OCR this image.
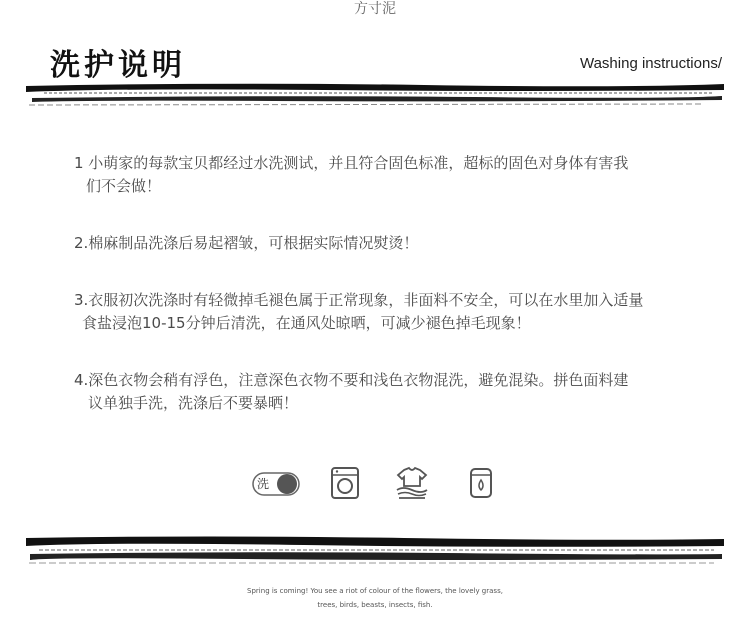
方寸泥
洗护说明	Washing instructions/

1 小萌家的每款宝贝都经过水洗测试，并且符合固色标准，超标的固色对身体有害我

们不会做！

2.棉麻制品洗涤后易起褶皱，可根据实际情况熨烫！

3.衣服初次洗涤时有轻微掉毛褪色属于正常现象，非面料不安全，可以在水里加入适量

食盐浸泡10-15分钟后清洗，在通风处晾晒，可减少褪色掉毛现象！

4.深色衣物会稍有浮色，注意深色衣物不要和浅色衣物混洗，避免混染。拼色面料建

议单独手洗，洗涤后不要暴晒！

洗
Spring is coming! You see a riot of colour of the flowers, the lovely grass,
trees, birds, beasts, insects, fish.
